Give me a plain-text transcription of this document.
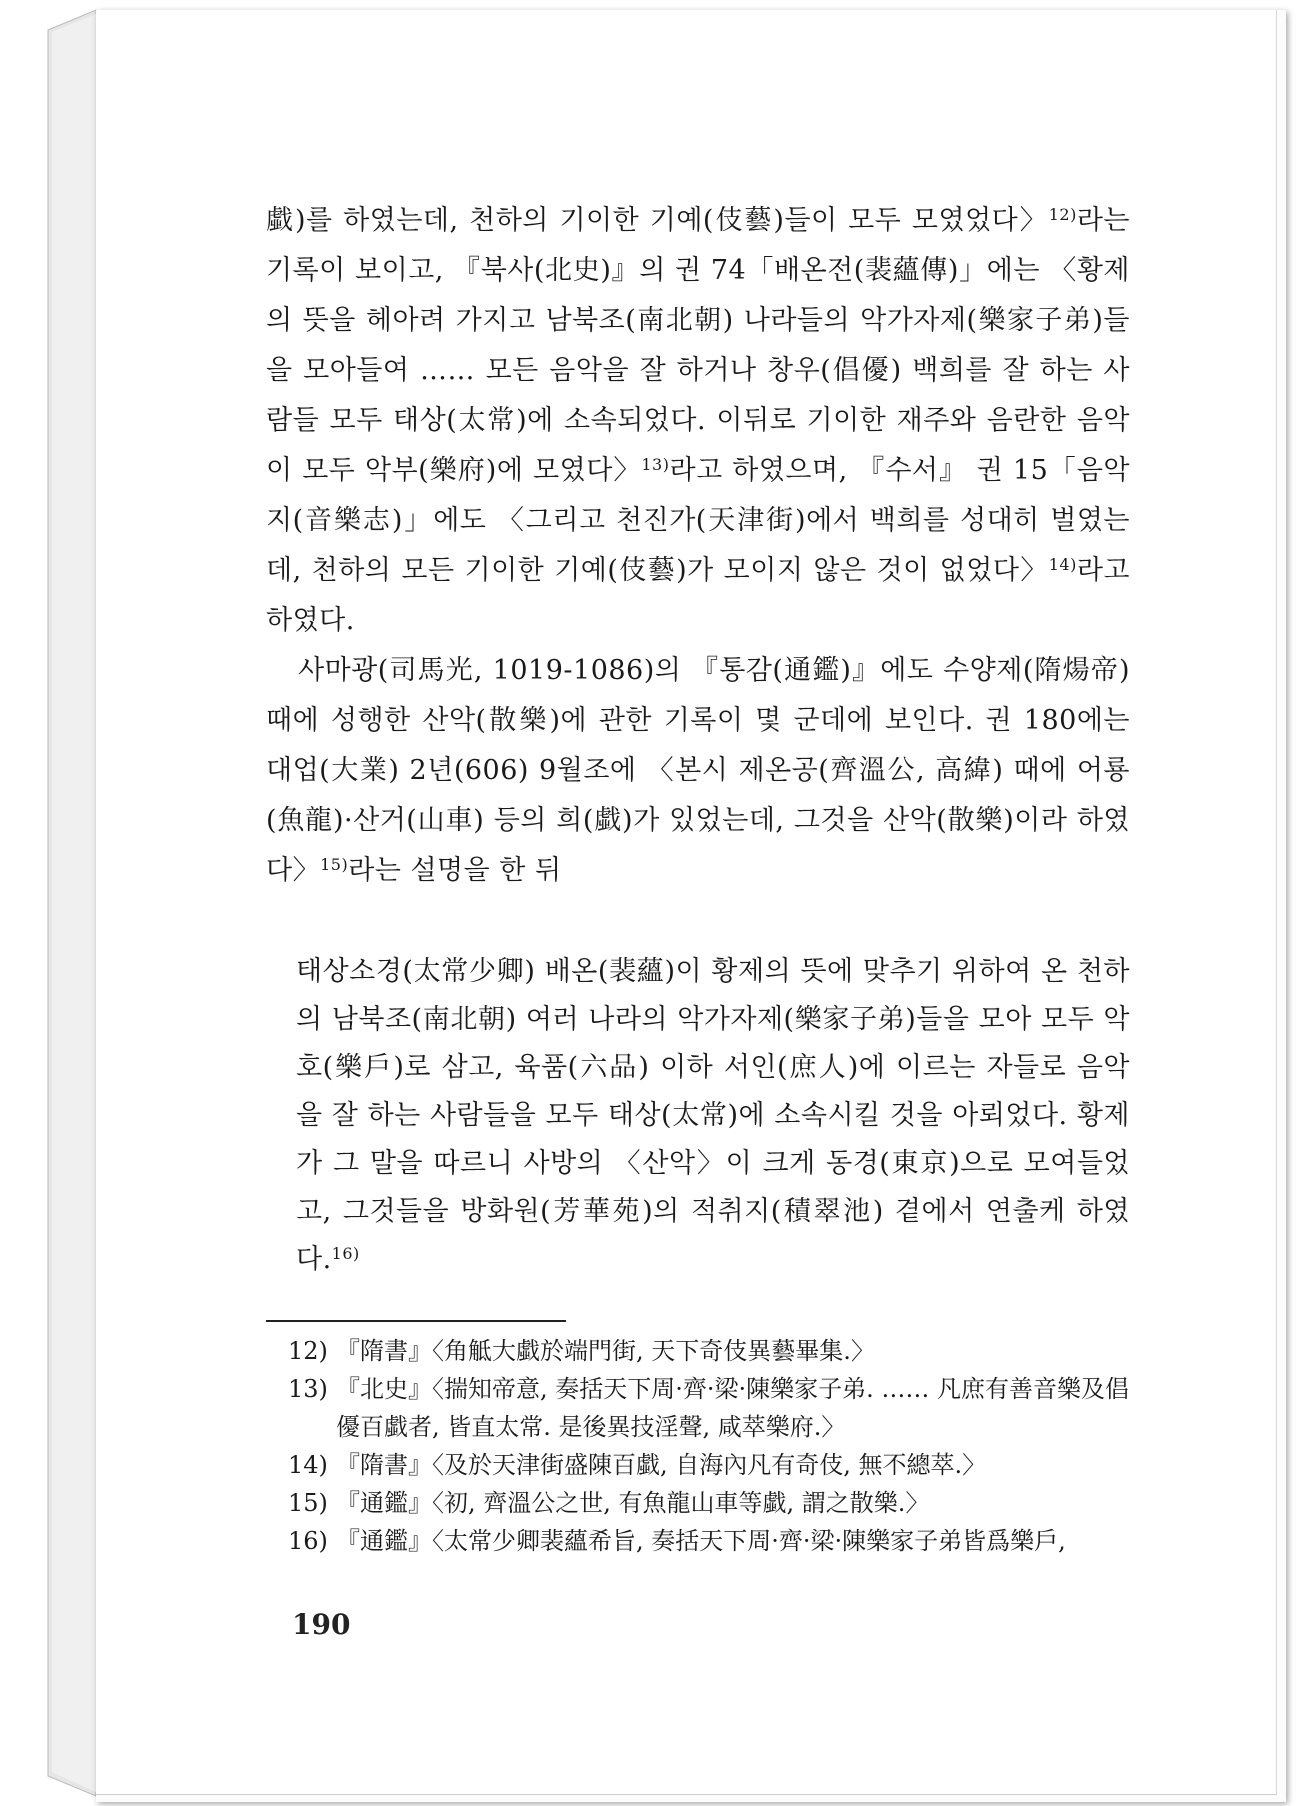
戱)를 하였는데, 천하의 기이한 기예(伎藝)들이 모두 모였었다〉$^{12)}$라는 기록이 보이고, 『북사(北史)』의 권 74「배온전(裴蘊傳)」에는 〈황제의 뜻을 헤아려 가지고 남북조(南北朝) 나라들의 악가자제(樂家子弟)들을 모아들여 …… 모든 음악을 잘 하거나 창우(倡優) 백희를 잘 하는 사람들 모두 태상(太常)에 소속되었다. 이뒤로 기이한 재주와 음란한 음악이 모두 악부(樂府)에 모였다〉$^{13)}$라고 하였으며, 『수서』 권 15「음악지(音樂志)」에도 〈그리고 천진가(天津街)에서 백희를 성대히 벌였는데, 천하의 모든 기이한 기예(伎藝)가 모이지 않은 것이 없었다〉$^{14)}$라고 하였다.

사마광(司馬光, 1019-1086)의 『통감(通鑑)』에도 수양제(隋煬帝) 때에 성행한 산악(散樂)에 관한 기록이 몇 군데에 보인다. 권 180에는 대업(大業) 2년(606) 9월조에 〈본시 제온공(齊溫公, 高緯) 때에 어룡(魚龍)·산거(山車) 등의 희(戱)가 있었는데, 그것을 산악(散樂)이라 하였다〉$^{15)}$라는 설명을 한 뒤

태상소경(太常少卿) 배온(裴蘊)이 황제의 뜻에 맞추기 위하여 온 천하의 남북조(南北朝) 여러 나라의 악가자제(樂家子弟)들을 모아 모두 악호(樂戶)로 삼고, 육품(六品) 이하 서인(庶人)에 이르는 자들로 음악을 잘 하는 사람들을 모두 태상(太常)에 소속시킬 것을 아뢰었다. 황제가 그 말을 따르니 사방의 〈산악〉이 크게 동경(東京)으로 모여들었고, 그것들을 방화원(芳華苑)의 적취지(積翠池) 곁에서 연출케 하였다.$^{16)}$

12) 『隋書』〈角觝大戱於端門街, 天下奇伎異藝畢集.〉
13) 『北史』〈揣知帝意, 奏括天下周·齊·梁·陳樂家子弟. …… 凡庶有善音樂及倡優百戱者, 皆直太常. 是後異技淫聲, 咸萃樂府.〉
14) 『隋書』〈及於天津街盛陳百戱, 自海內凡有奇伎, 無不總萃.〉
15) 『通鑑』〈初, 齊溫公之世, 有魚龍山車等戱, 謂之散樂.〉
16) 『通鑑』〈太常少卿裴蘊希旨, 奏括天下周·齊·梁·陳樂家子弟皆爲樂戶,
190
